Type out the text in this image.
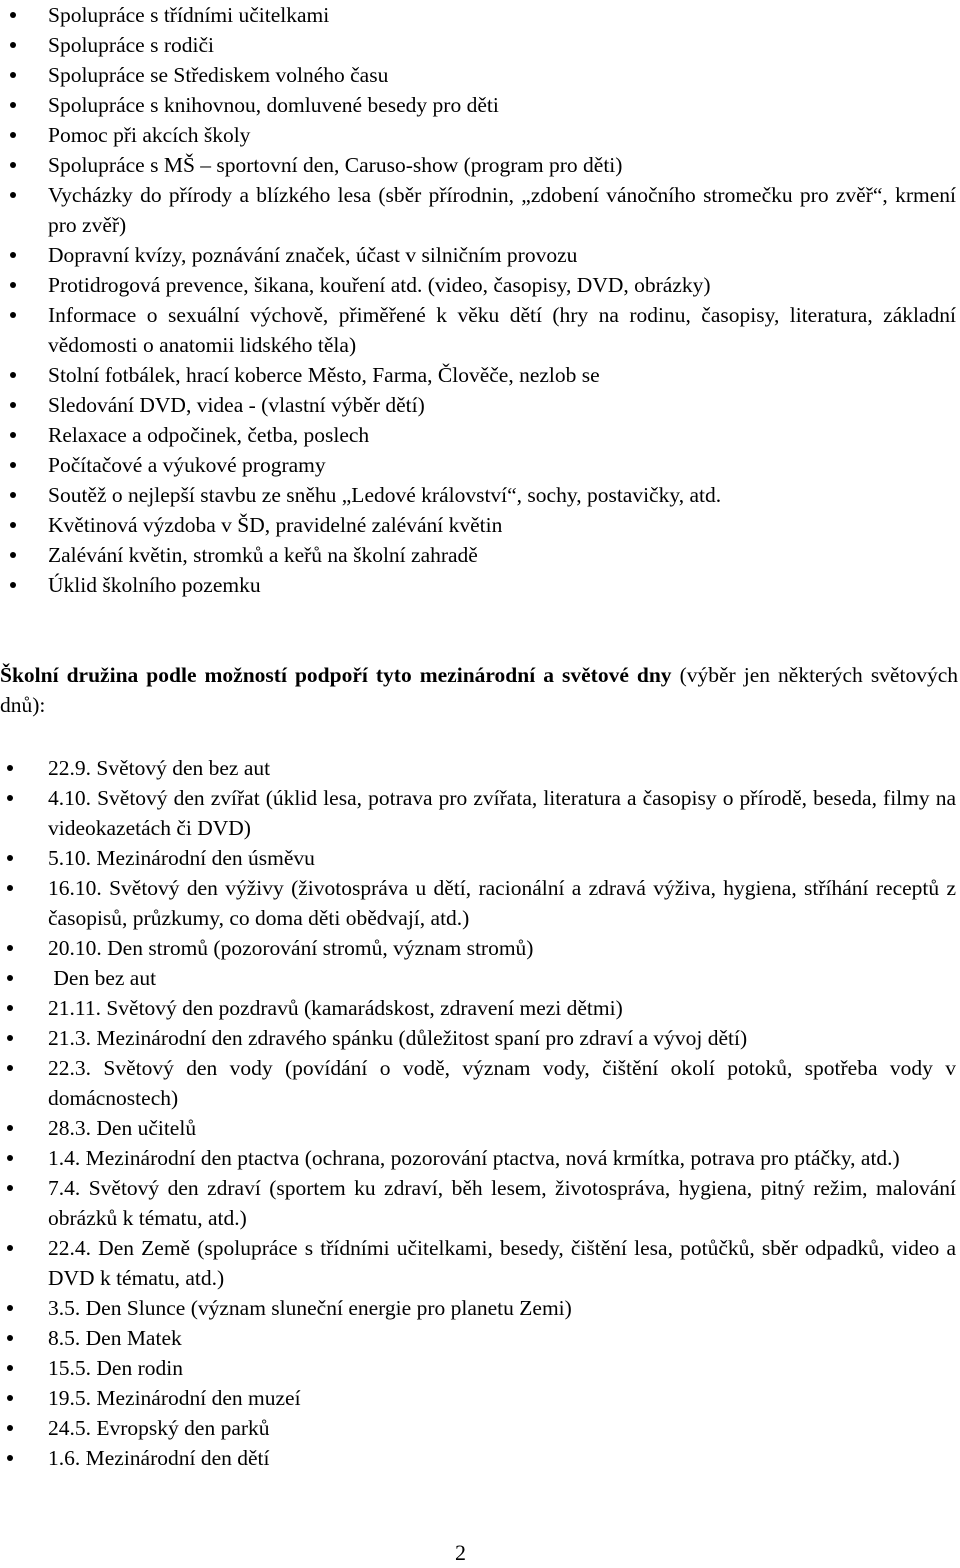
Spolupráce s třídními učitelkami
Spolupráce s rodiči
Spolupráce se Střediskem volného času
Spolupráce s knihovnou, domluvené besedy pro děti
Pomoc při akcích školy
Spolupráce s MŠ – sportovní den, Caruso-show (program pro děti)
Vycházky do přírody a blízkého lesa (sběr přírodnin, „zdobení vánočního stromečku pro zvěř“, krmení pro zvěř)
Dopravní kvízy, poznávání značek, účast v silničním provozu
Protidrogová prevence, šikana, kouření atd. (video, časopisy, DVD, obrázky)
Informace o sexuální výchově, přiměřené k věku dětí (hry na rodinu, časopisy, literatura, základní vědomosti o anatomii lidského těla)
Stolní fotbálek, hrací koberce Město, Farma, Člověče, nezlob se
Sledování DVD, videa - (vlastní výběr dětí)
Relaxace a odpočinek, četba, poslech
Počítačové a výukové programy
Soutěž o nejlepší stavbu ze sněhu „Ledové království“, sochy, postavičky, atd.
Květinová výzdoba v ŠD, pravidelné zalévání květin
Zalévání květin, stromků a keřů na školní zahradě
Úklid školního pozemku

Školní družina podle možností podpoří tyto mezinárodní a světové dny (výběr jen některých světových dnů):

22.9. Světový den bez aut
4.10. Světový den zvířat (úklid lesa, potrava pro zvířata, literatura a časopisy o přírodě, beseda, filmy na videokazetách či DVD)
5.10. Mezinárodní den úsměvu
16.10. Světový den výživy (životospráva u dětí, racionální a zdravá výživa, hygiena, stříhání receptů z časopisů, průzkumy, co doma děti obědvají, atd.)
20.10. Den stromů (pozorování stromů, význam stromů)
Den bez aut
21.11. Světový den pozdravů (kamarádskost, zdravení mezi dětmi)
21.3. Mezinárodní den zdravého spánku (důležitost spaní pro zdraví a vývoj dětí)
22.3. Světový den vody (povídání o vodě, význam vody, čištění okolí potoků, spotřeba vody v domácnostech)
28.3. Den učitelů
1.4. Mezinárodní den ptactva (ochrana, pozorování ptactva, nová krmítka, potrava pro ptáčky, atd.)
7.4. Světový den zdraví (sportem ku zdraví, běh lesem, životospráva, hygiena, pitný režim, malování obrázků k tématu, atd.)
22.4. Den Země (spolupráce s třídními učitelkami, besedy, čištění lesa, potůčků, sběr odpadků, video a DVD k tématu, atd.)
3.5. Den Slunce (význam sluneční energie pro planetu Zemi)
8.5. Den Matek
15.5. Den rodin
19.5. Mezinárodní den muzeí
24.5. Evropský den parků
1.6. Mezinárodní den dětí
2
